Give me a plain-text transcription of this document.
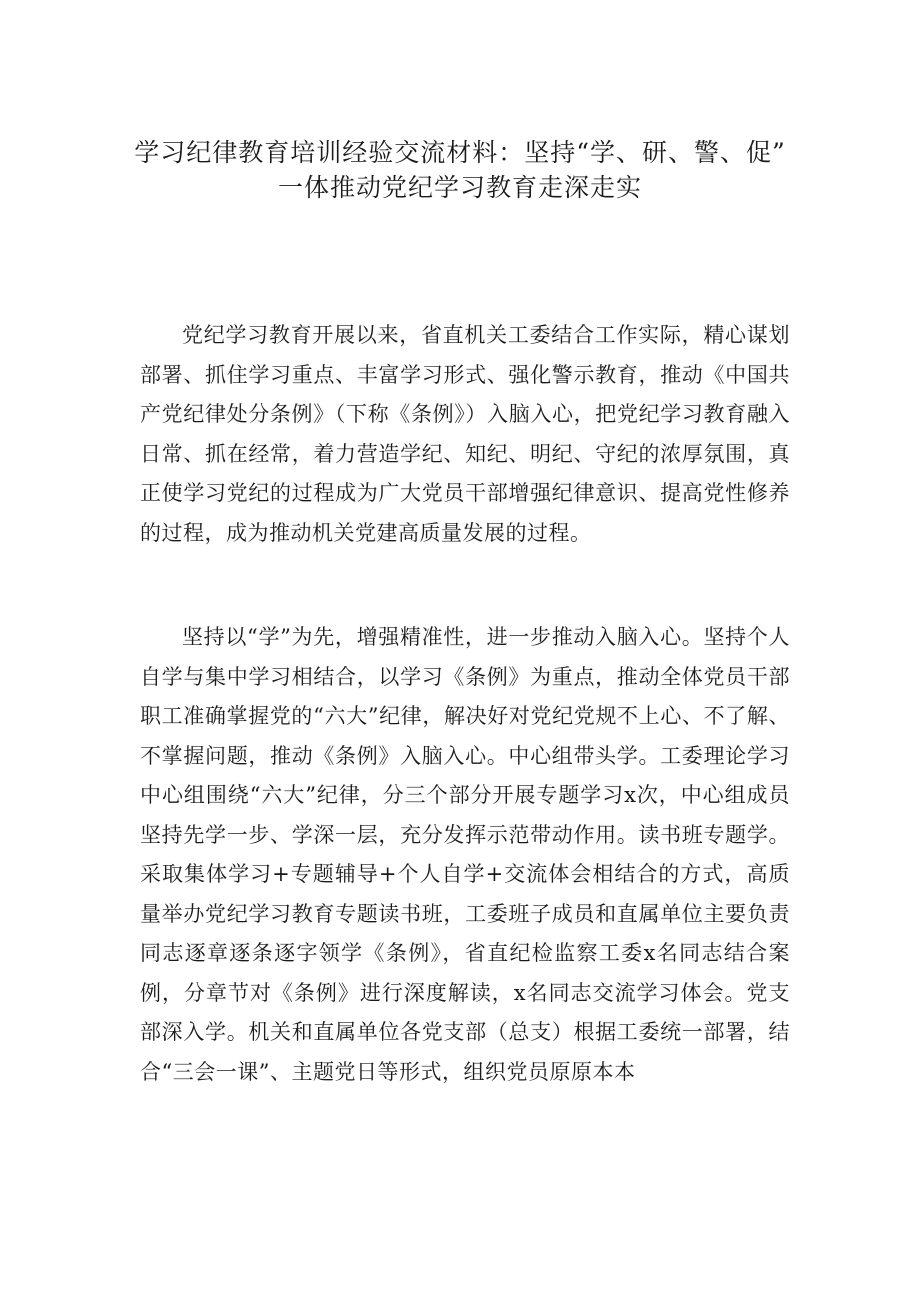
学习纪律教育培训经验交流材料：坚持“学、研、警、促”
一体推动党纪学习教育走深走实

党纪学习教育开展以来，省直机关工委结合工作实际，精心谋划部署、抓住学习重点、丰富学习形式、强化警示教育，推动《中国共产党纪律处分条例》（下称《条例》）入脑入心，把党纪学习教育融入日常、抓在经常，着力营造学纪、知纪、明纪、守纪的浓厚氛围，真正使学习党纪的过程成为广大党员干部增强纪律意识、提高党性修养的过程，成为推动机关党建高质量发展的过程。

坚持以“学”为先，增强精准性，进一步推动入脑入心。坚持个人自学与集中学习相结合，以学习《条例》为重点，推动全体党员干部职工准确掌握党的“六大”纪律，解决好对党纪党规不上心、不了解、不掌握问题，推动《条例》入脑入心。中心组带头学。工委理论学习中心组围绕“六大”纪律，分三个部分开展专题学习x次，中心组成员坚持先学一步、学深一层，充分发挥示范带动作用。读书班专题学。采取集体学习+专题辅导+个人自学+交流体会相结合的方式，高质量举办党纪学习教育专题读书班，工委班子成员和直属单位主要负责同志逐章逐条逐字领学《条例》，省直纪检监察工委x名同志结合案例，分章节对《条例》进行深度解读，x名同志交流学习体会。党支部深入学。机关和直属单位各党支部（总支）根据工委统一部署，结合“三会一课”、主题党日等形式，组织党员原原本本
